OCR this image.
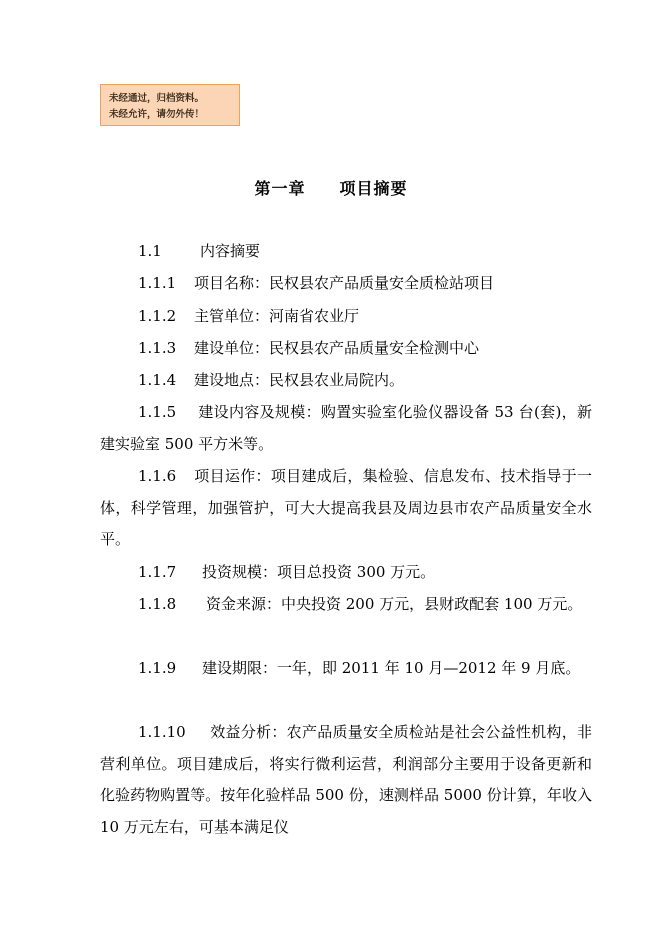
未经通过，归档资料。
未经允许，请勿外传！
第一章 项目摘要
1.1	内容摘要
1.1.1 项目名称：民权县农产品质量安全质检站项目
1.1.2 主管单位：河南省农业厅
1.1.3 建设单位：民权县农产品质量安全检测中心
1.1.4 建设地点：民权县农业局院内。
1.1.5 建设内容及规模：购置实验室化验仪器设备 53 台(套)，新建实验室 500 平方米等。
1.1.6 项目运作：项目建成后，集检验、信息发布、技术指导于一体，科学管理，加强管护，可大大提高我县及周边县市农产品质量安全水平。
1.1.7 投资规模：项目总投资 300 万元。
1.1.8 资金来源：中央投资 200 万元，县财政配套 100 万元。
1.1.9 建设期限：一年，即 2011 年 10 月—2012 年 9 月底。
1.1.10 效益分析：农产品质量安全质检站是社会公益性机构，非营利单位。项目建成后，将实行微利运营，利润部分主要用于设备更新和化验药物购置等。按年化验样品 500 份，速测样品 5000 份计算，年收入 10 万元左右，可基本满足仪
